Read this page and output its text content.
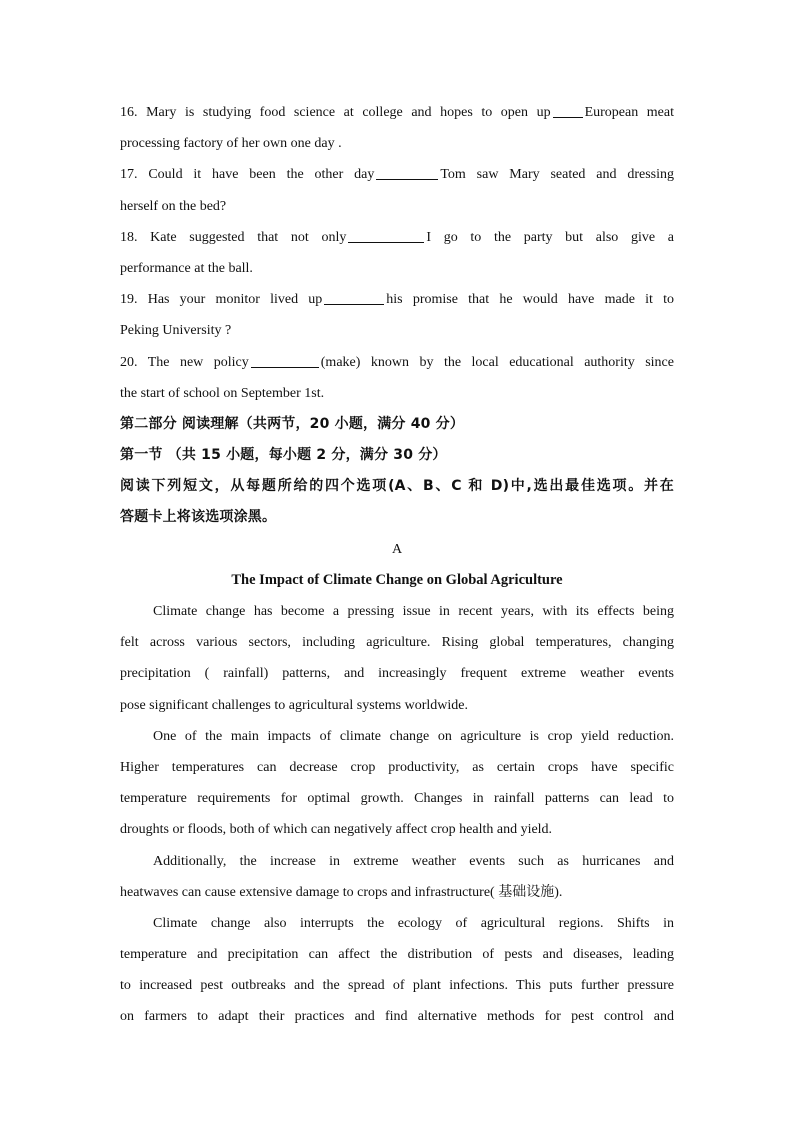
16. Mary is studying food science at college and hopes to open up European meat
processing factory of her own one day .
17. Could it have been the other day	Tom saw Mary seated and dressing
herself on the bed?
18. Kate suggested that not only	I go to the party but also give a
performance at the ball.
19. Has your monitor lived up	his promise that he would have made it to
Peking University ?
20. The new policy	(make) known by the local educational authority since
the start of school on September 1st.
第二部分 阅读理解（共两节，20 小题，满分 40 分）
第一节 （共 15 小题，每小题 2 分，满分 30 分）
阅读下列短文，从每题所给的四个选项(A、B、C 和 D)中,选出最佳选项。并在
答题卡上将该选项涂黑。
A
The Impact of Climate Change on Global Agriculture
Climate change has become a pressing issue in recent years, with its effects being
felt across various sectors, including agriculture. Rising global temperatures, changing
precipitation ( rainfall) patterns, and increasingly frequent extreme weather events
pose significant challenges to agricultural systems worldwide.
One of the main impacts of climate change on agriculture is crop yield reduction.
Higher temperatures can decrease crop productivity, as certain crops have specific
temperature requirements for optimal growth. Changes in rainfall patterns can lead to
droughts or floods, both of which can negatively affect crop health and yield.
Additionally, the increase in extreme weather events such as hurricanes and
heatwaves can cause extensive damage to crops and infrastructure( 基础设施).
Climate change also interrupts the ecology of agricultural regions. Shifts in
temperature and precipitation can affect the distribution of pests and diseases, leading
to increased pest outbreaks and the spread of plant infections. This puts further pressure
on farmers to adapt their practices and find alternative methods for pest control and
